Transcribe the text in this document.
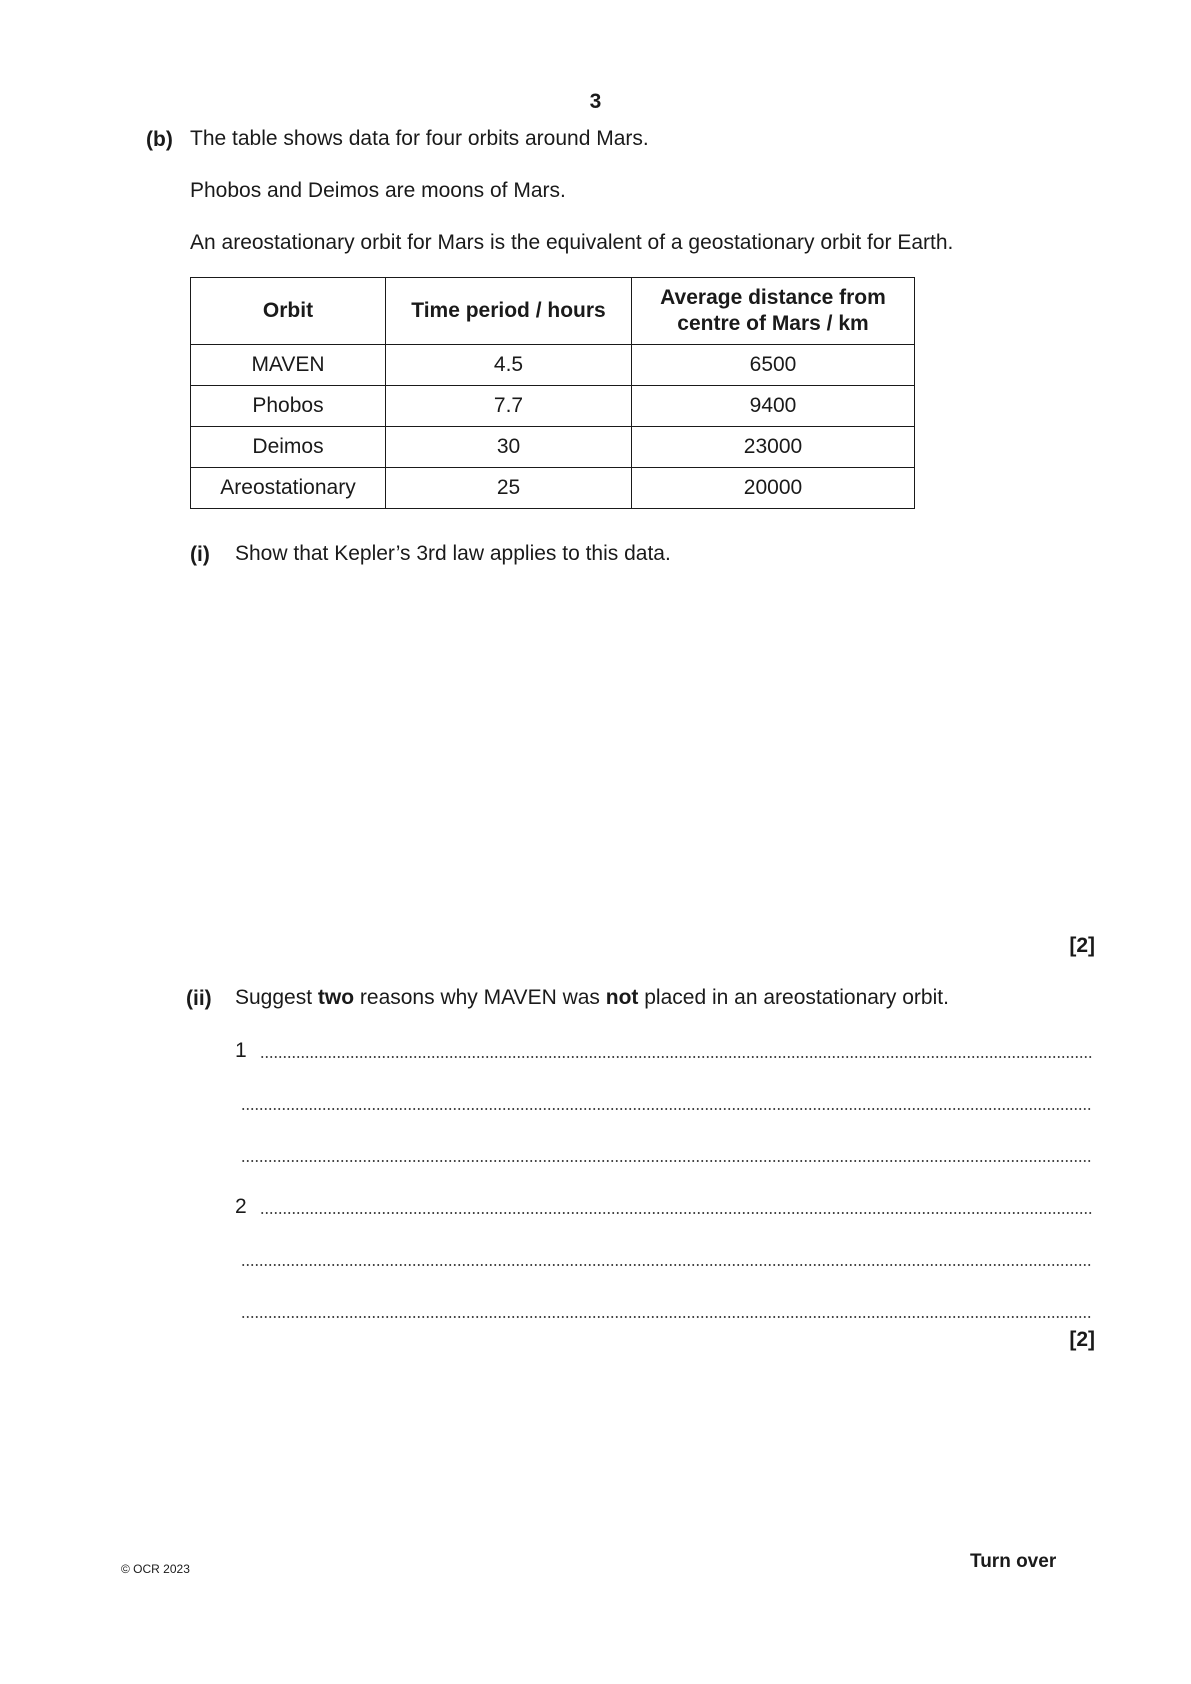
3
(b) The table shows data for four orbits around Mars.
Phobos and Deimos are moons of Mars.
An areostationary orbit for Mars is the equivalent of a geostationary orbit for Earth.
Orbit	Time period / hours	Average distance from
centre of Mars / km
MAVEN	4.5	6500
Phobos	7.7	9400
Deimos	30	23000
Areostationary	25	20000
(i) Show that Kepler’s 3rd law applies to this data.
[2]
(ii) Suggest two reasons why MAVEN was not placed in an areostationary orbit.
1
2
[2]
© OCR 2023	Turn over
